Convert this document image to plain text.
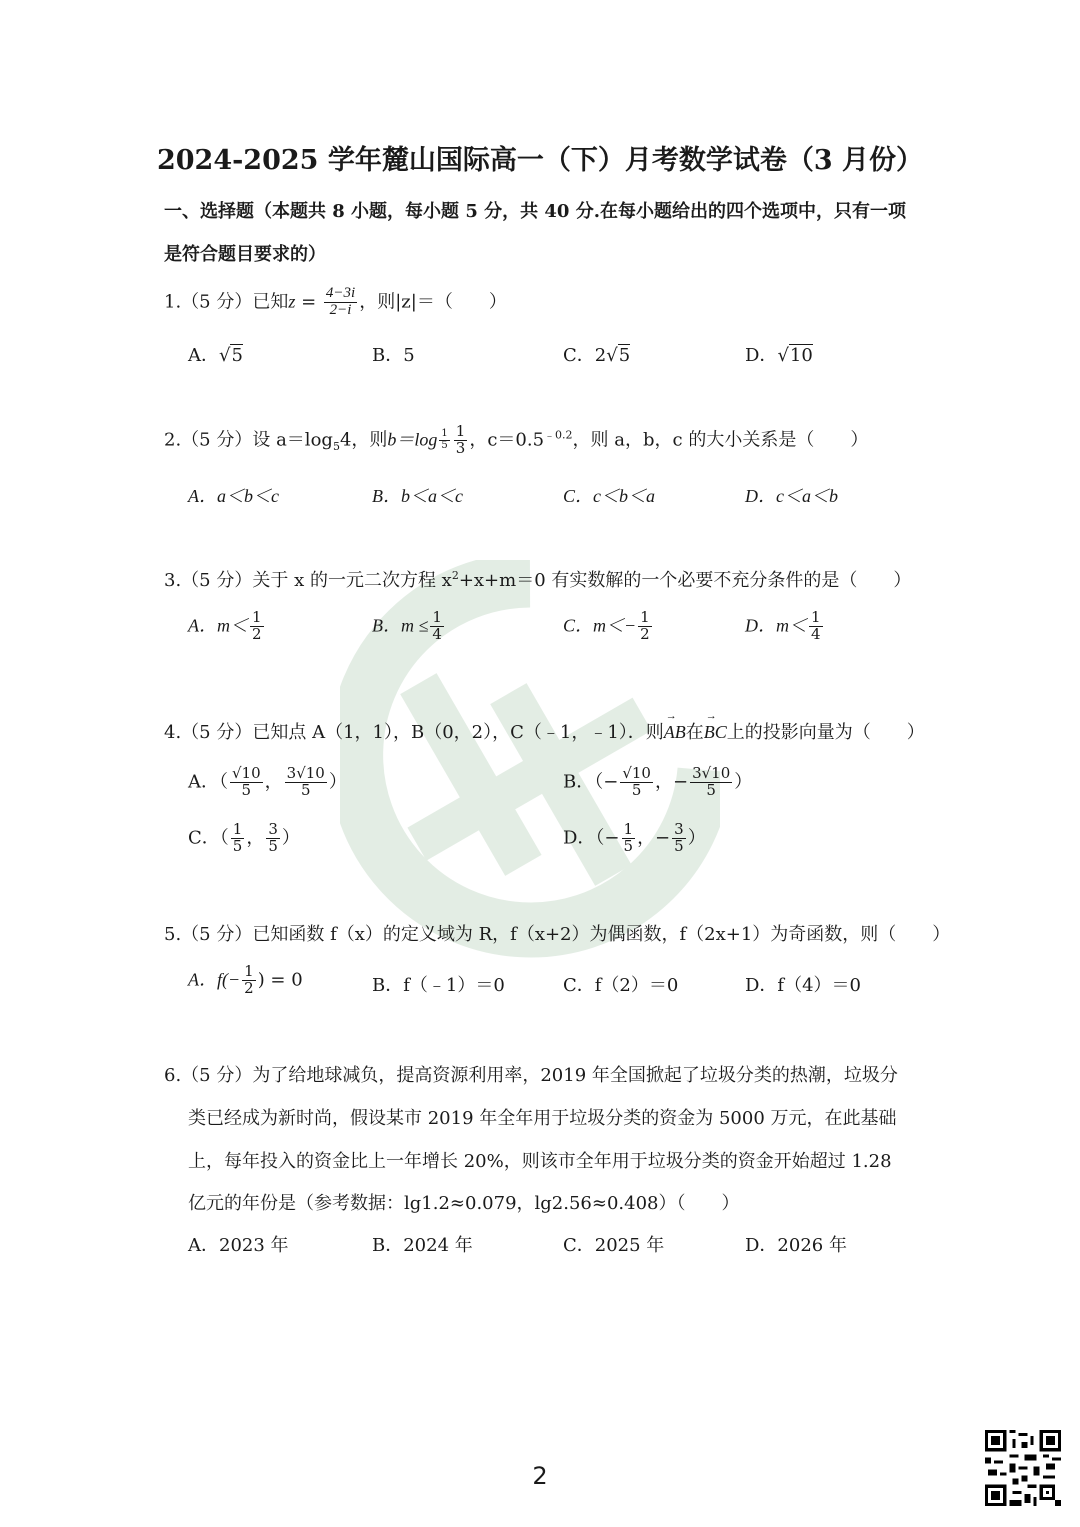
2024-2025 学年麓山国际高一（下）月考数学试卷（3 月份）
一、选择题（本题共 8 小题，每小题 5 分，共 40 分.在每小题给出的四个选项中，只有一项
是符合题目要求的）
1.（5 分）已知$z = \frac{4-3i}{2-i}$ ，则|z|＝（　　）
A．√5	B．5	C．2√5	D．√10
2.（5 分）设 $a=\log_54$，则$b=\log \frac{1}{5} \frac{1}{3}$ ，$c=0.5^{﹣0.2}$，则 a，b，c 的大小关系是（　　）
A．a＜b＜c	B．b＜a＜c	C．c＜b＜a	D．c＜a＜b
3.（5 分）关于 x 的一元二次方程 $x^2+x+m=0$ 有实数解的一个必要不充分条件的是（　　）
A．$m< \frac{1}{2}$	B．$m \le \frac{1}{4}$	C．$m<- \frac{1}{2}$	D．$m< \frac{1}{4}$
4.（5 分）已知点 A（1，1），B（0，2），C（﹣1，﹣1）．则→ AB在→ BC上的投影向量为（　　）
A．（ $\frac{√10}{5}$ ， $\frac{3√10}{5}$ ）	B．（− $\frac{√10}{5}$ ，− $\frac{3√10}{5}$ ）
C．（ $\frac{1}{5}$ ， $\frac{3}{5}$ ）	D．（− $\frac{1}{5}$ ，− $\frac{3}{5}$ ）
5.（5 分）已知函数 f（x）的定义域为 R，f（x+2）为偶函数，f（2x+1）为奇函数，则（　　）
A．$f(- \frac{1}{2}$ ) = 0	B．f（﹣1）＝0	C．f（2）＝0	D．f（4）＝0
6.（5 分）为了给地球减负，提高资源利用率，2019 年全国掀起了垃圾分类的热潮，垃圾分
类已经成为新时尚，假设某市 2019 年全年用于垃圾分类的资金为 5000 万元，在此基础
上，每年投入的资金比上一年增长 20%，则该市全年用于垃圾分类的资金开始超过 1.28
亿元的年份是（参考数据：lg1.2≈0.079，lg2.56≈0.408）（　　）
A．2023 年	B．2024 年	C．2025 年	D．2026 年
2
